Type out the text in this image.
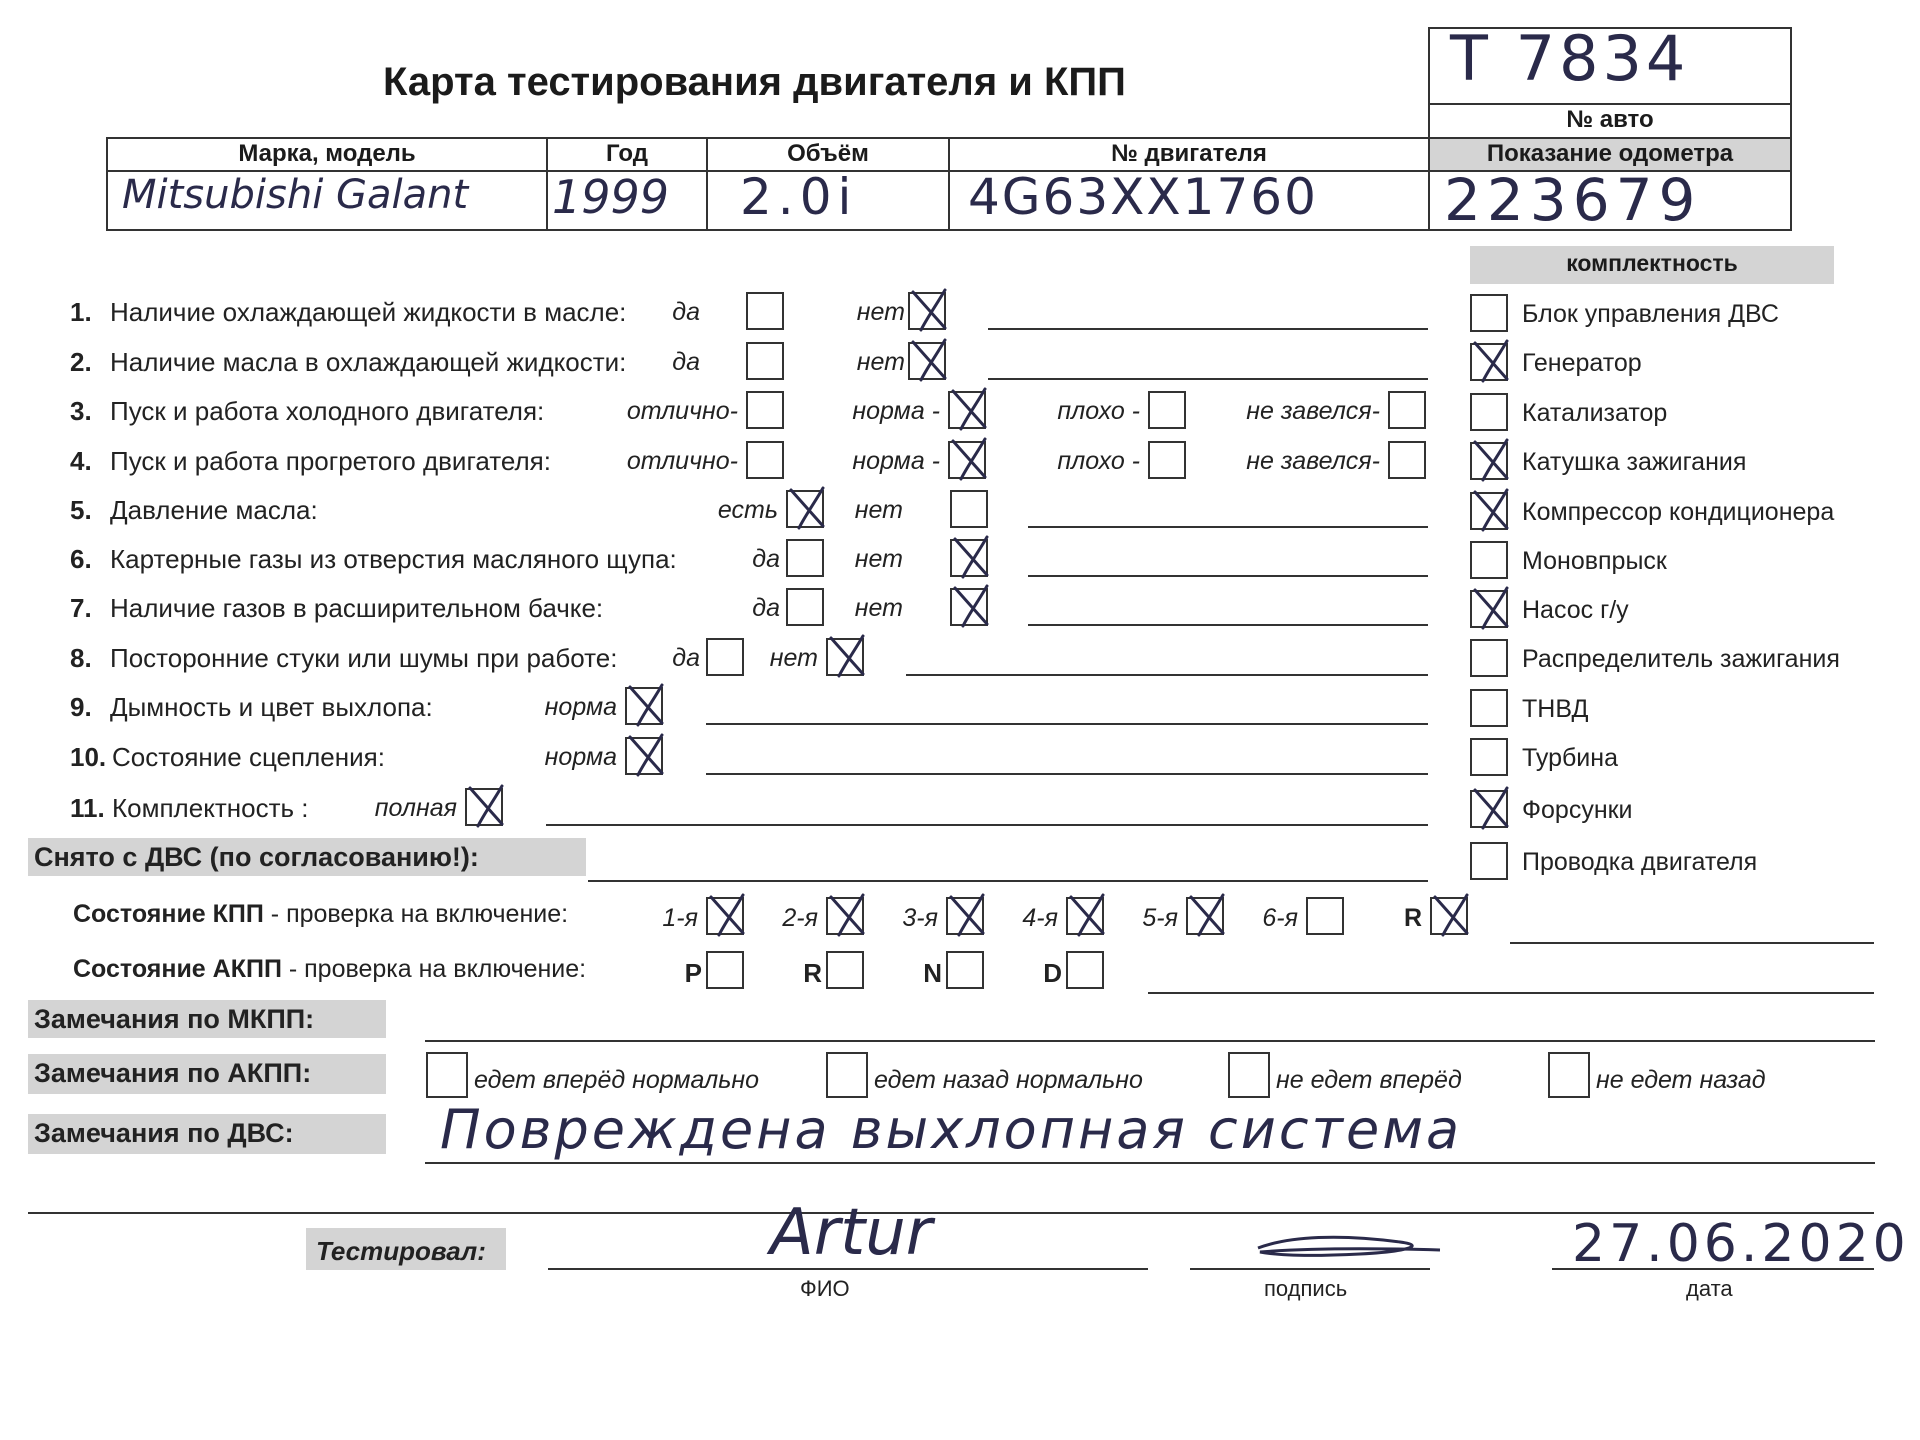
Карта тестирования двигателя и КПП	T 7834
№ авто
Марка, модель	Год	Объём	№ двигателя	Показание одометра
Mitsubishi Galant 1999 2.0i 4G63XX1760 223679
1. Наличие охлаждающей жидкости в масле: да	нет
2. Наличие масла в охлаждающей жидкости: да	нет
3. Пуск и работа холодного двигателя:	отлично-	норма -	плохо -	не завелся-
4. Пуск и работа прогретого двигателя:	отлично-	норма -	плохо -	не завелся-
5. Давление масла:	есть	нет
6. Картерные газы из отверстия масляного щупа:	да	нет
7. Наличие газов в расширительном бачке:	да	нет
8. Посторонние стуки или шумы при работе: да	нет
9. Дымность и цвет выхлопа:	норма
10. Состояние сцепления:	норма
11. Комплектность :	полная
комплектность
Блок управления ДВС
Генератор
Катализатор
Катушка зажигания
Компрессор кондиционера
Моновпрыск
Насос г/у
Распределитель зажигания
ТНВД
Турбина
Форсунки
Проводка двигателя
Снято с ДВС (по согласованию!):
Состояние КПП - проверка на включение:	1-я	2-я	3-я	4-я	5-я	6-я	R
Состояние АКПП - проверка на включение:	P	R	N	D
Замечания по МКПП:
Замечания по АКПП:	едет вперёд нормально	едет назад нормально	не едет вперёд	не едет назад
Замечания по ДВС:	Повреждена выхлопная система
Тестировал:	Artur	27.06.2020
ФИО	подпись	дата
